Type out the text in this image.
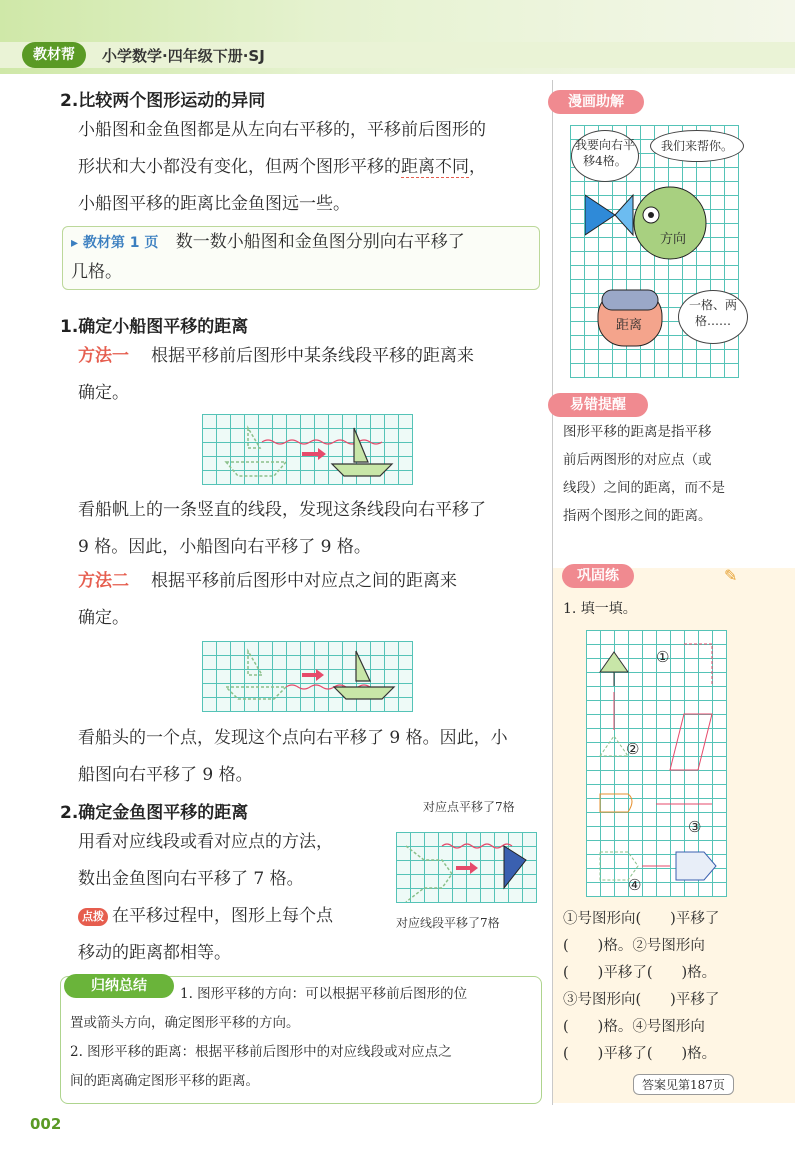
教材帮	小学数学·四年级下册·SJ
2.比较两个图形运动的异同
小船图和金鱼图都是从左向右平移的，平移前后图形的
形状和大小都没有变化，但两个图形平移的距离不同，
小船图平移的距离比金鱼图远一些。
▸ 教材第 1 页 数一数小船图和金鱼图分别向右平移了
几格。
1.确定小船图平移的距离
方法一 根据平移前后图形中某条线段平移的距离来
确定。
看船帆上的一条竖直的线段，发现这条线段向右平移了
9 格。因此，小船图向右平移了 9 格。
方法二 根据平移前后图形中对应点之间的距离来
确定。
看船头的一个点，发现这个点向右平移了 9 格。因此，小
船图向右平移了 9 格。
2.确定金鱼图平移的距离
用看对应线段或看对应点的方法，
数出金鱼图向右平移了 7 格。
点拨 在平移过程中，图形上每个点
移动的距离都相等。
对应点平移了7格
对应线段平移了7格
归纳总结	1. 图形平移的方向：可以根据平移前后图形的位
置或箭头方向，确定图形平移的方向。
2. 图形平移的距离：根据平移前后图形中的对应线段或对应点之
间的距离确定图形平移的距离。
漫画助解
我要向右平移4格。
我们来帮你。
方向
距离
一格、两格……
易错提醒
图形平移的距离是指平移
前后两图形的对应点（或
线段）之间的距离，而不是
指两个图形之间的距离。
巩固练	✎
1. 填一填。
①
②
③
④
①号图形向(　　)平移了
(　　)格。②号图形向
(　　)平移了(　　)格。
③号图形向(　　)平移了
(　　)格。④号图形向
(　　)平移了(　　)格。
答案见第187页
002
